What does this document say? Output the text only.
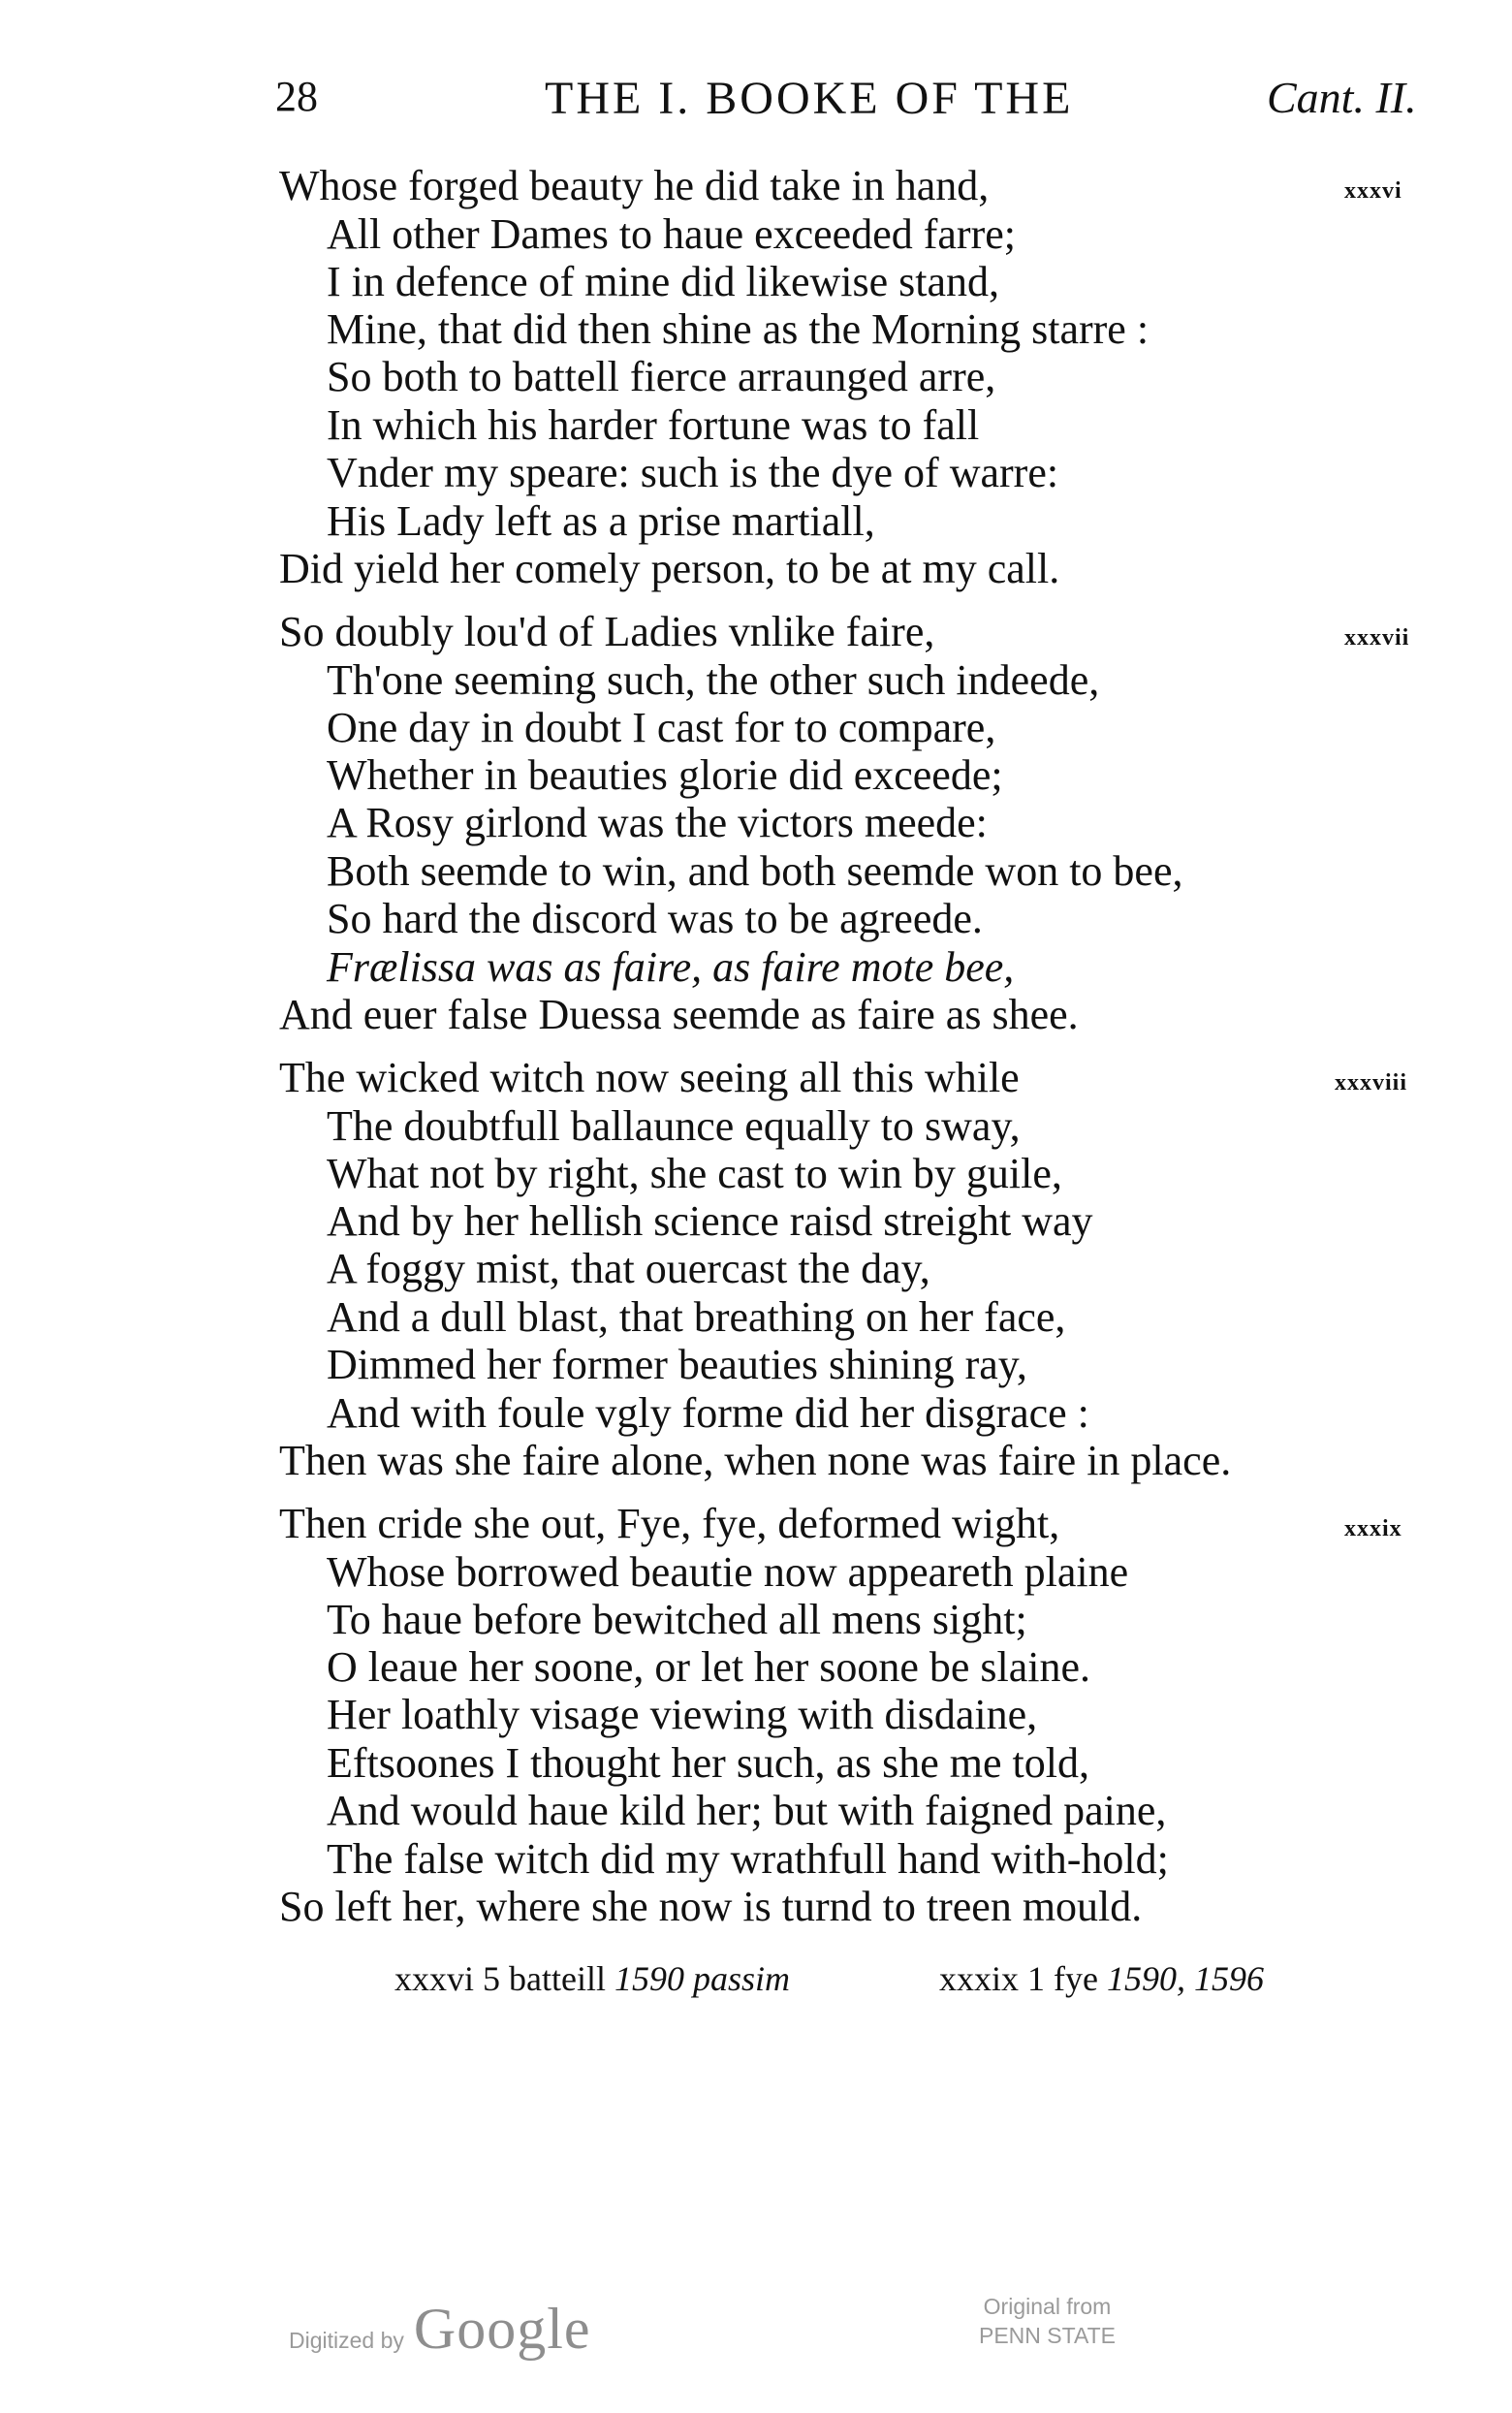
28	THE I. BOOKE OF THE	Cant. II.
xxxvi
Whose forged beauty he did take in hand,
All other Dames to haue exceeded farre;
I in defence of mine did likewise stand,
Mine, that did then shine as the Morning starre :
So both to battell fierce arraunged arre,
In which his harder fortune was to fall
Vnder my speare: such is the dye of warre:
His Lady left as a prise martiall,
Did yield her comely person, to be at my call.
xxxvii
So doubly lou'd of Ladies vnlike faire,
Th'one seeming such, the other such indeede,
One day in doubt I cast for to compare,
Whether in beauties glorie did exceede;
A Rosy girlond was the victors meede:
Both seemde to win, and both seemde won to bee,
So hard the discord was to be agreede.
Frælissa was as faire, as faire mote bee,
And euer false Duessa seemde as faire as shee.
xxxviii
The wicked witch now seeing all this while
The doubtfull ballaunce equally to sway,
What not by right, she cast to win by guile,
And by her hellish science raisd streight way
A foggy mist, that ouercast the day,
And a dull blast, that breathing on her face,
Dimmed her former beauties shining ray,
And with foule vgly forme did her disgrace :
Then was she faire alone, when none was faire in place.
xxxix
Then cride she out, Fye, fye, deformed wight,
Whose borrowed beautie now appeareth plaine
To haue before bewitched all mens sight;
O leaue her soone, or let her soone be slaine.
Her loathly visage viewing with disdaine,
Eftsoones I thought her such, as she me told,
And would haue kild her; but with faigned paine,
The false witch did my wrathfull hand with-hold;
So left her, where she now is turnd to treen mould.
xxxvi 5 batteill 1590 passim	xxxix 1 fye 1590, 1596
Digitized by Google	Original from
PENN STATE
